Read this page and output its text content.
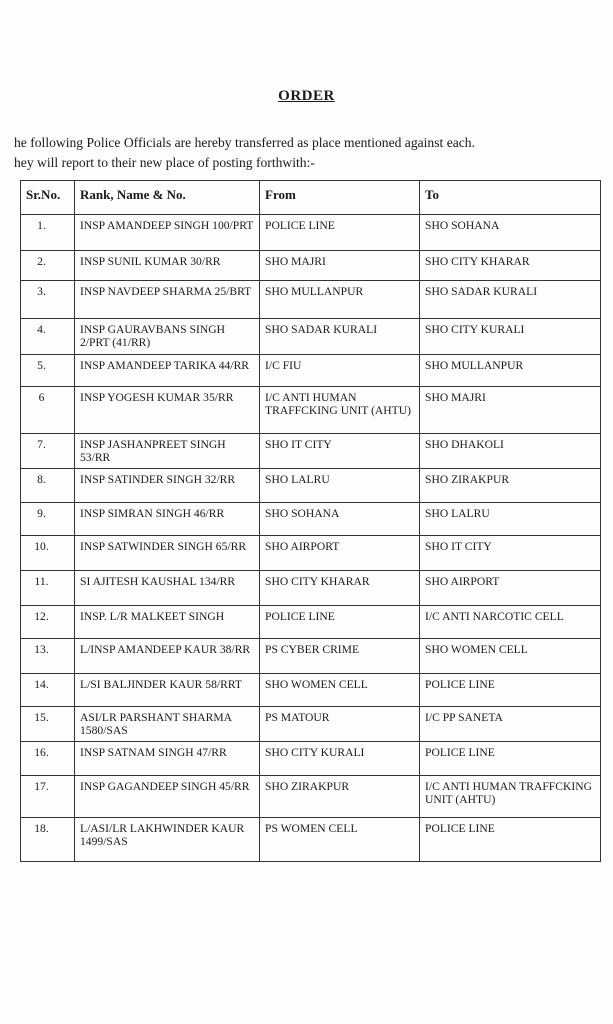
ORDER

he following Police Officials are hereby transferred as place mentioned against each.

hey will report to their new place of posting forthwith:-

Sr.No.	Rank, Name & No.	From	To
1.	INSP AMANDEEP SINGH 100/PRT	POLICE LINE	SHO SOHANA
2.	INSP SUNIL KUMAR 30/RR	SHO MAJRI	SHO CITY KHARAR
3.	INSP NAVDEEP SHARMA 25/BRT	SHO MULLANPUR	SHO SADAR KURALI
4.	INSP GAURAVBANS SINGH 2/PRT (41/RR)	SHO SADAR KURALI	SHO CITY KURALI
5.	INSP AMANDEEP TARIKA 44/RR	I/C FIU	SHO MULLANPUR
6	INSP YOGESH KUMAR 35/RR	I/C ANTI HUMAN TRAFFCKING UNIT (AHTU)	SHO MAJRI
7.	INSP JASHANPREET SINGH 53/RR	SHO IT CITY	SHO DHAKOLI
8.	INSP SATINDER SINGH 32/RR	SHO LALRU	SHO ZIRAKPUR
9.	INSP SIMRAN SINGH 46/RR	SHO SOHANA	SHO LALRU
10.	INSP SATWINDER SINGH 65/RR	SHO AIRPORT	SHO IT CITY
11.	SI AJITESH KAUSHAL 134/RR	SHO CITY KHARAR	SHO AIRPORT
12.	INSP. L/R MALKEET SINGH	POLICE LINE	I/C ANTI NARCOTIC CELL
13.	L/INSP AMANDEEP KAUR 38/RR	PS CYBER CRIME	SHO WOMEN CELL
14.	L/SI BALJINDER KAUR 58/RRT	SHO WOMEN CELL	POLICE LINE
15.	ASI/LR PARSHANT SHARMA 1580/SAS	PS MATOUR	I/C PP SANETA
16.	INSP SATNAM SINGH 47/RR	SHO CITY KURALI	POLICE LINE
17.	INSP GAGANDEEP SINGH 45/RR	SHO ZIRAKPUR	I/C ANTI HUMAN TRAFFCKING UNIT (AHTU)
18.	L/ASI/LR LAKHWINDER KAUR 1499/SAS	PS WOMEN CELL	POLICE LINE
